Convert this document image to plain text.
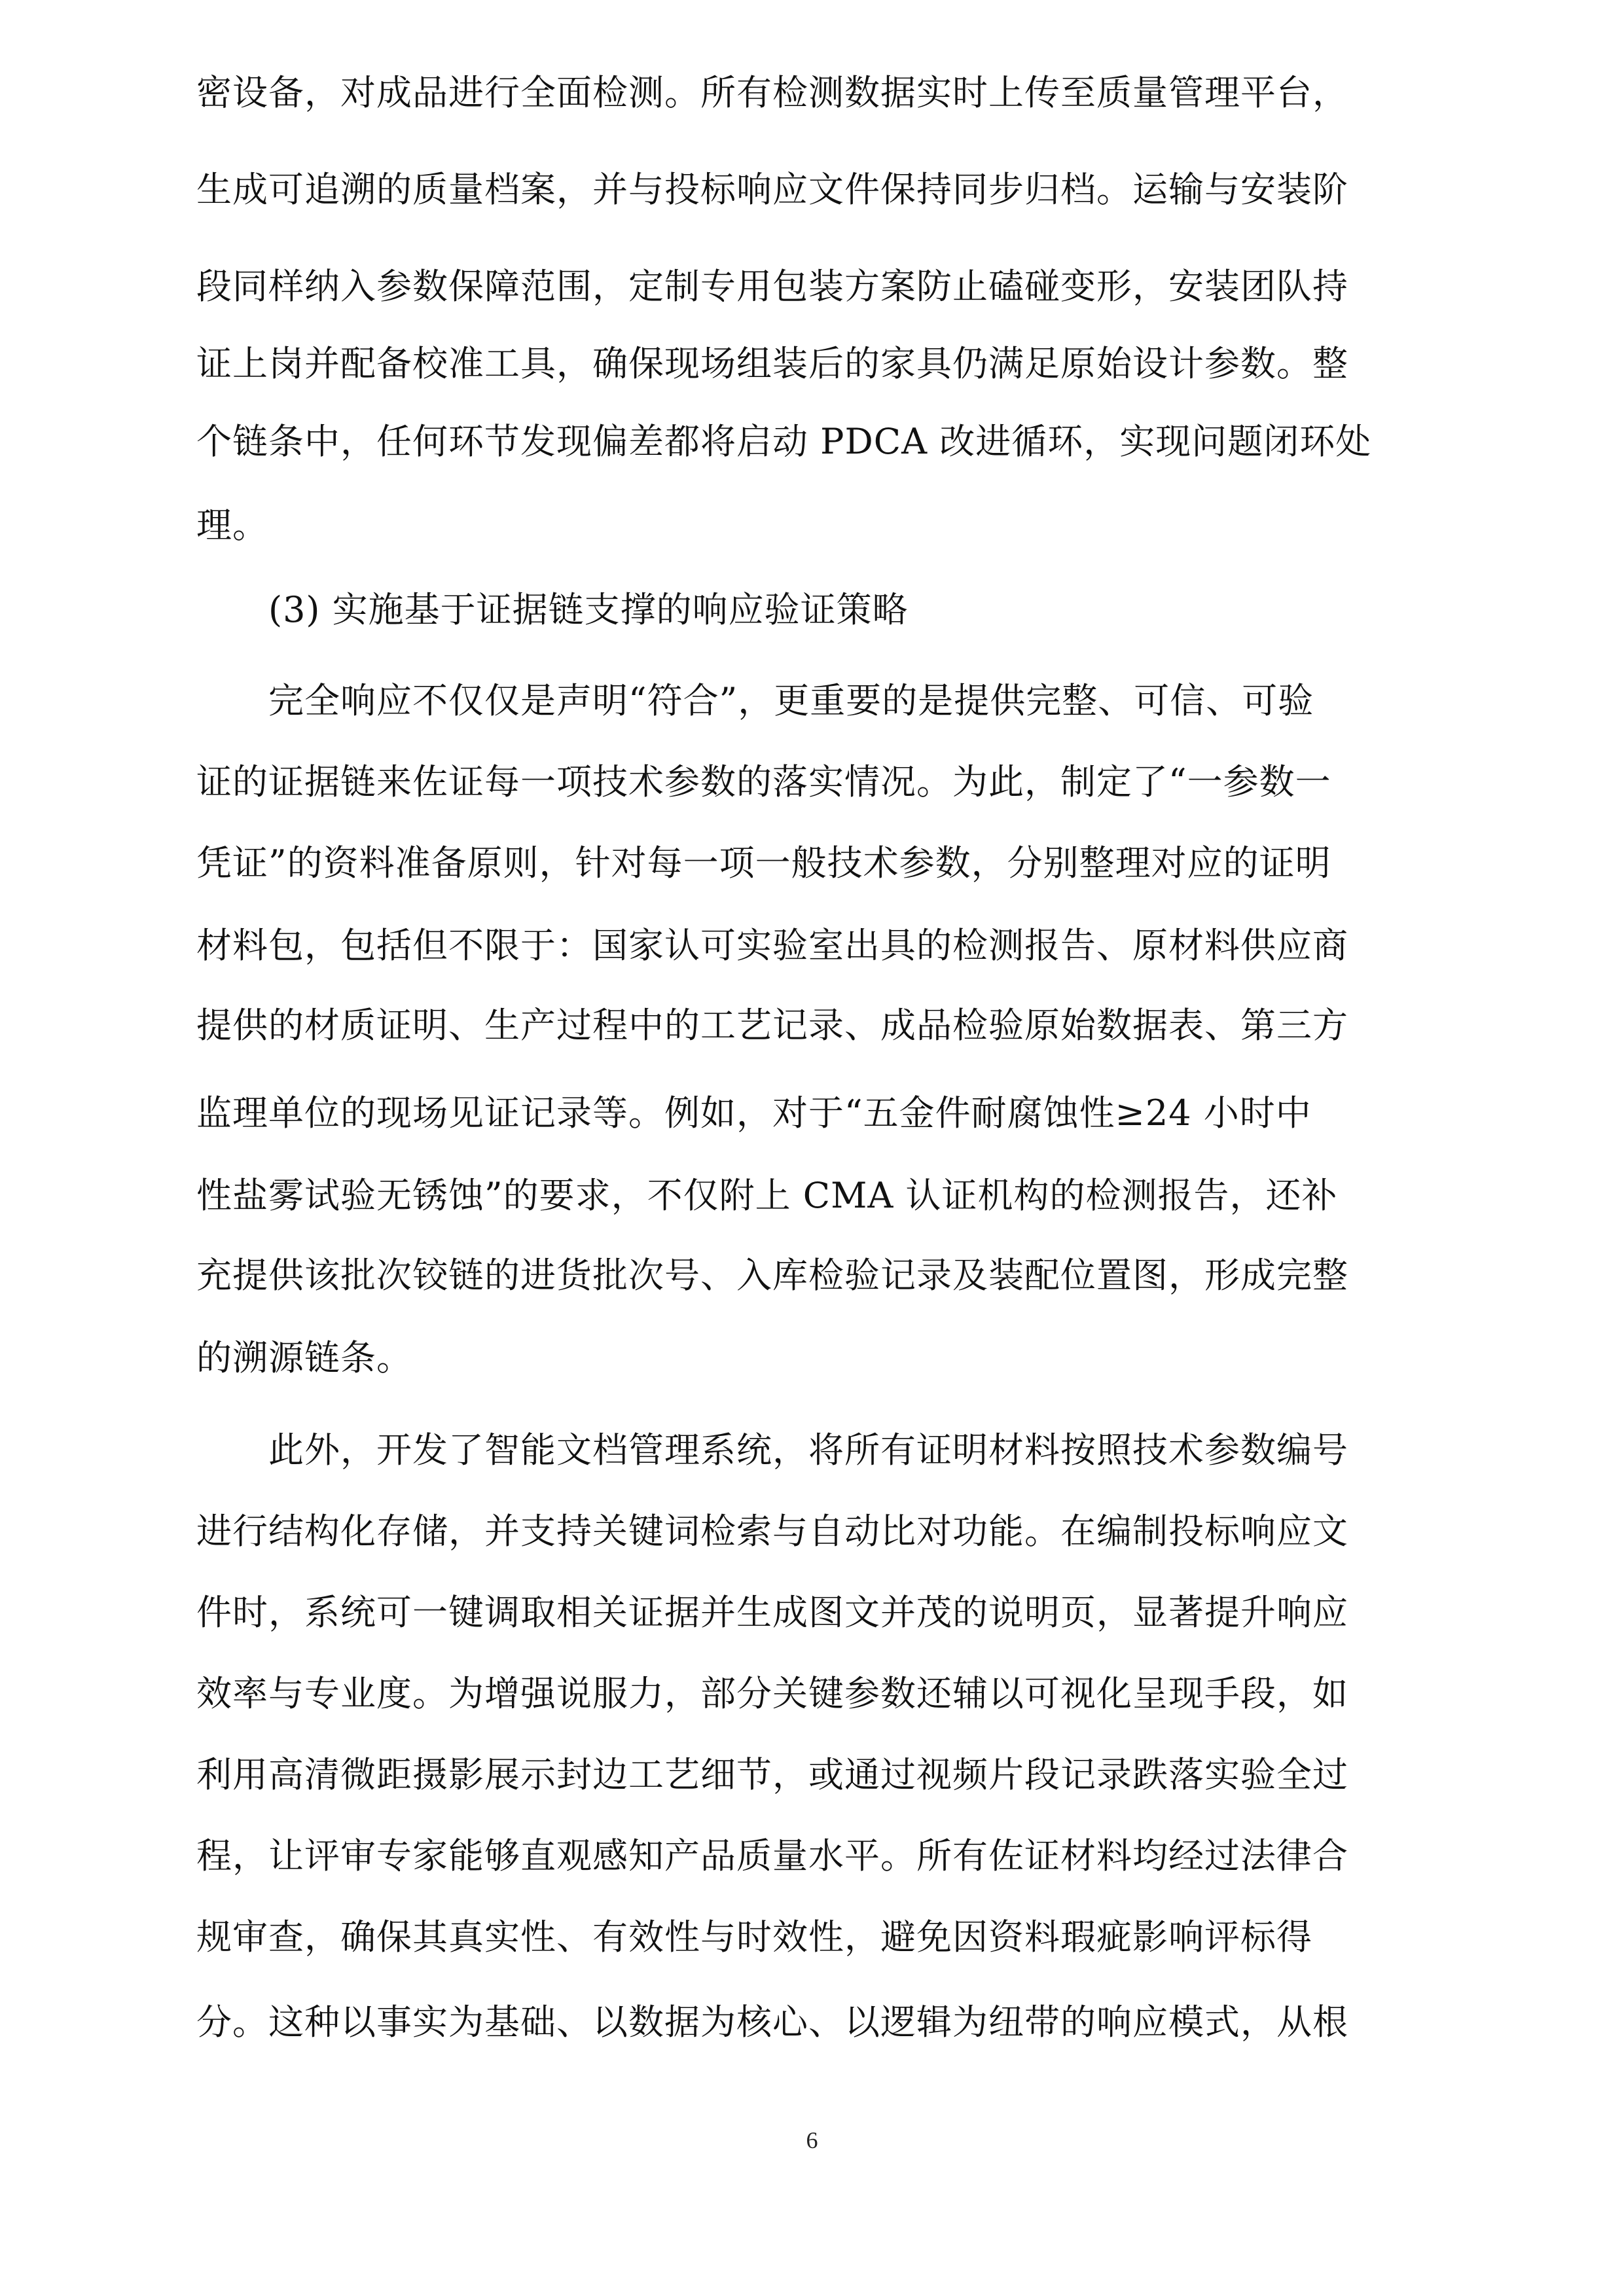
密设备，对成品进行全面检测。所有检测数据实时上传至质量管理平台，
生成可追溯的质量档案，并与投标响应文件保持同步归档。运输与安装阶
段同样纳入参数保障范围，定制专用包装方案防止磕碰变形，安装团队持
证上岗并配备校准工具，确保现场组装后的家具仍满足原始设计参数。整
个链条中，任何环节发现偏差都将启动 PDCA 改进循环，实现问题闭环处
理。
(3) 实施基于证据链支撑的响应验证策略
完全响应不仅仅是声明“符合”，更重要的是提供完整、可信、可验
证的证据链来佐证每一项技术参数的落实情况。为此，制定了“一参数一
凭证”的资料准备原则，针对每一项一般技术参数，分别整理对应的证明
材料包，包括但不限于：国家认可实验室出具的检测报告、原材料供应商
提供的材质证明、生产过程中的工艺记录、成品检验原始数据表、第三方
监理单位的现场见证记录等。例如，对于“五金件耐腐蚀性≥24 小时中
性盐雾试验无锈蚀”的要求，不仅附上 CMA 认证机构的检测报告，还补
充提供该批次铰链的进货批次号、入库检验记录及装配位置图，形成完整
的溯源链条。
此外，开发了智能文档管理系统，将所有证明材料按照技术参数编号
进行结构化存储，并支持关键词检索与自动比对功能。在编制投标响应文
件时，系统可一键调取相关证据并生成图文并茂的说明页，显著提升响应
效率与专业度。为增强说服力，部分关键参数还辅以可视化呈现手段，如
利用高清微距摄影展示封边工艺细节，或通过视频片段记录跌落实验全过
程，让评审专家能够直观感知产品质量水平。所有佐证材料均经过法律合
规审查，确保其真实性、有效性与时效性，避免因资料瑕疵影响评标得
分。这种以事实为基础、以数据为核心、以逻辑为纽带的响应模式，从根
6
